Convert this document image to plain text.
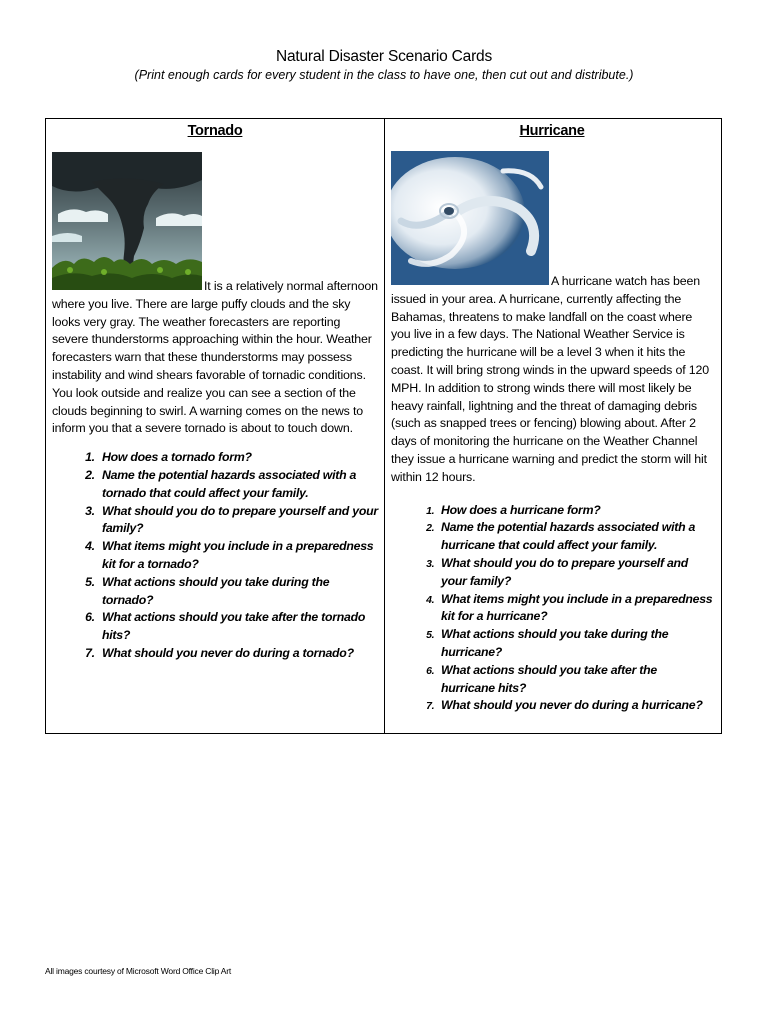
Natural Disaster Scenario Cards
(Print enough cards for every student in the class to have one, then cut out and distribute.)
Tornado
It is a relatively normal afternoon where you live. There are large puffy clouds and the sky looks very gray. The weather forecasters are reporting severe thunderstorms approaching within the hour. Weather forecasters warn that these thunderstorms may possess instability and wind shears favorable of tornadic conditions. You look outside and realize you can see a section of the clouds beginning to swirl. A warning comes on the news to inform you that a severe tornado is about to touch down.
1. How does a tornado form?
2. Name the potential hazards associated with a tornado that could affect your family.
3. What should you do to prepare yourself and your family?
4. What items might you include in a preparedness kit for a tornado?
5. What actions should you take during the tornado?
6. What actions should you take after the tornado hits?
7. What should you never do during a tornado?
Hurricane
A hurricane watch has been issued in your area. A hurricane, currently affecting the Bahamas, threatens to make landfall on the coast where you live in a few days. The National Weather Service is predicting the hurricane will be a level 3 when it hits the coast. It will bring strong winds in the upward speeds of 120 MPH. In addition to strong winds there will most likely be heavy rainfall, lightning and the threat of damaging debris (such as snapped trees or fencing) blowing about. After 2 days of monitoring the hurricane on the Weather Channel they issue a hurricane warning and predict the storm will hit within 12 hours.
1. How does a hurricane form?
2. Name the potential hazards associated with a hurricane that could affect your family.
3. What should you do to prepare yourself and your family?
4. What items might you include in a preparedness kit for a hurricane?
5. What actions should you take during the hurricane?
6. What actions should you take after the hurricane hits?
7. What should you never do during a hurricane?
All images courtesy of Microsoft Word Office Clip Art
